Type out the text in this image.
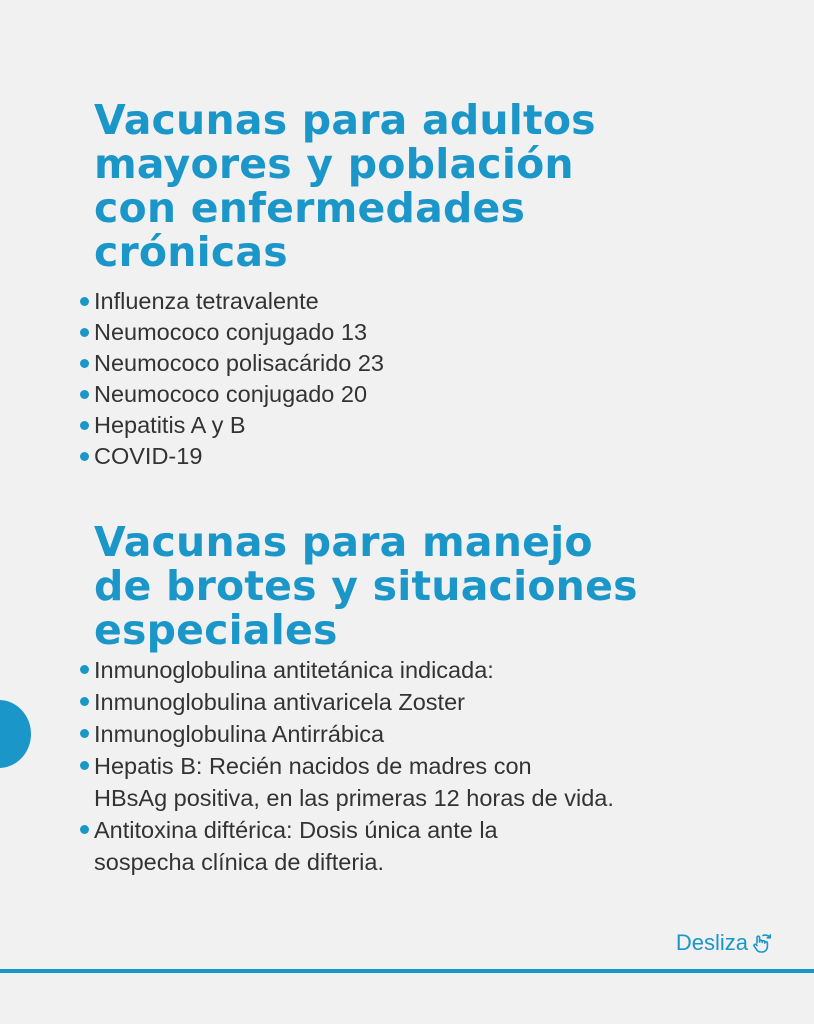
Vacunas para adultos
mayores y población
con enfermedades
crónicas
Influenza tetravalente
Neumococo conjugado 13
Neumococo polisacárido 23
Neumococo conjugado 20
Hepatitis A y B
COVID-19
Vacunas para manejo
de brotes y situaciones
especiales
Inmunoglobulina antitetánica indicada:
Inmunoglobulina antivaricela Zoster
Inmunoglobulina Antirrábica
Hepatis B: Recién nacidos de madres con
HBsAg positiva, en las primeras 12 horas de vida.
Antitoxina diftérica: Dosis única ante la
sospecha clínica de difteria.
Desliza
